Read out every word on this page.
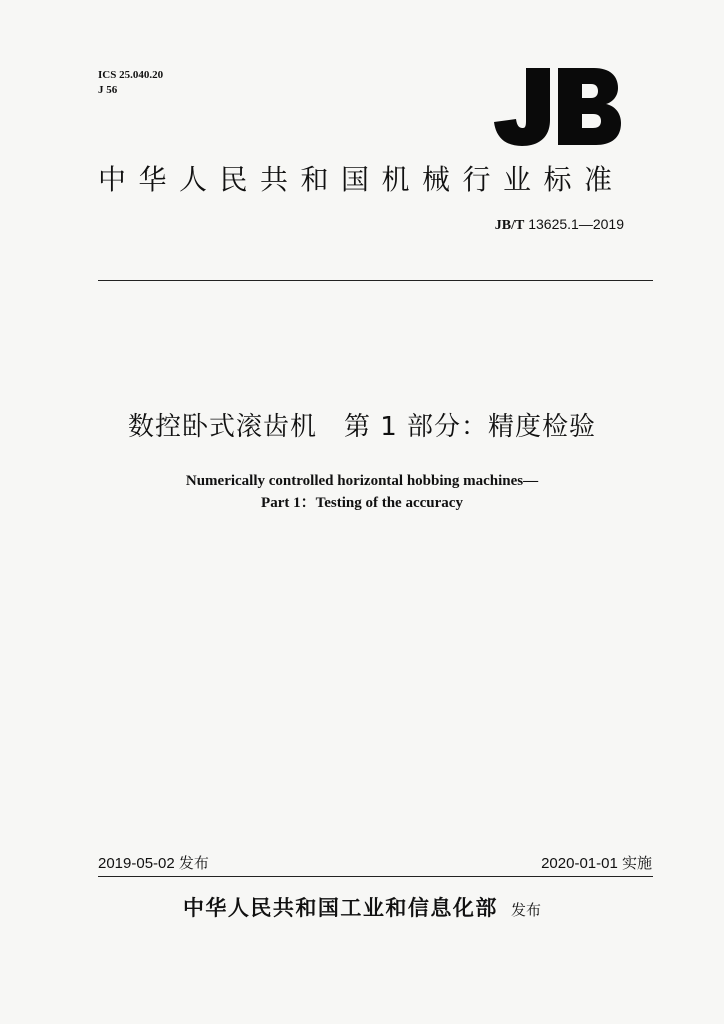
ICS 25.040.20
J 56
中华人民共和国机械行业标准
JB/T 13625.1—2019
数控卧式滚齿机　第 1 部分：精度检验
Numerically controlled horizontal hobbing machines—
Part 1：Testing of the accuracy
2019-05-02 发布	2020-01-01 实施
中华人民共和国工业和信息化部 发布
